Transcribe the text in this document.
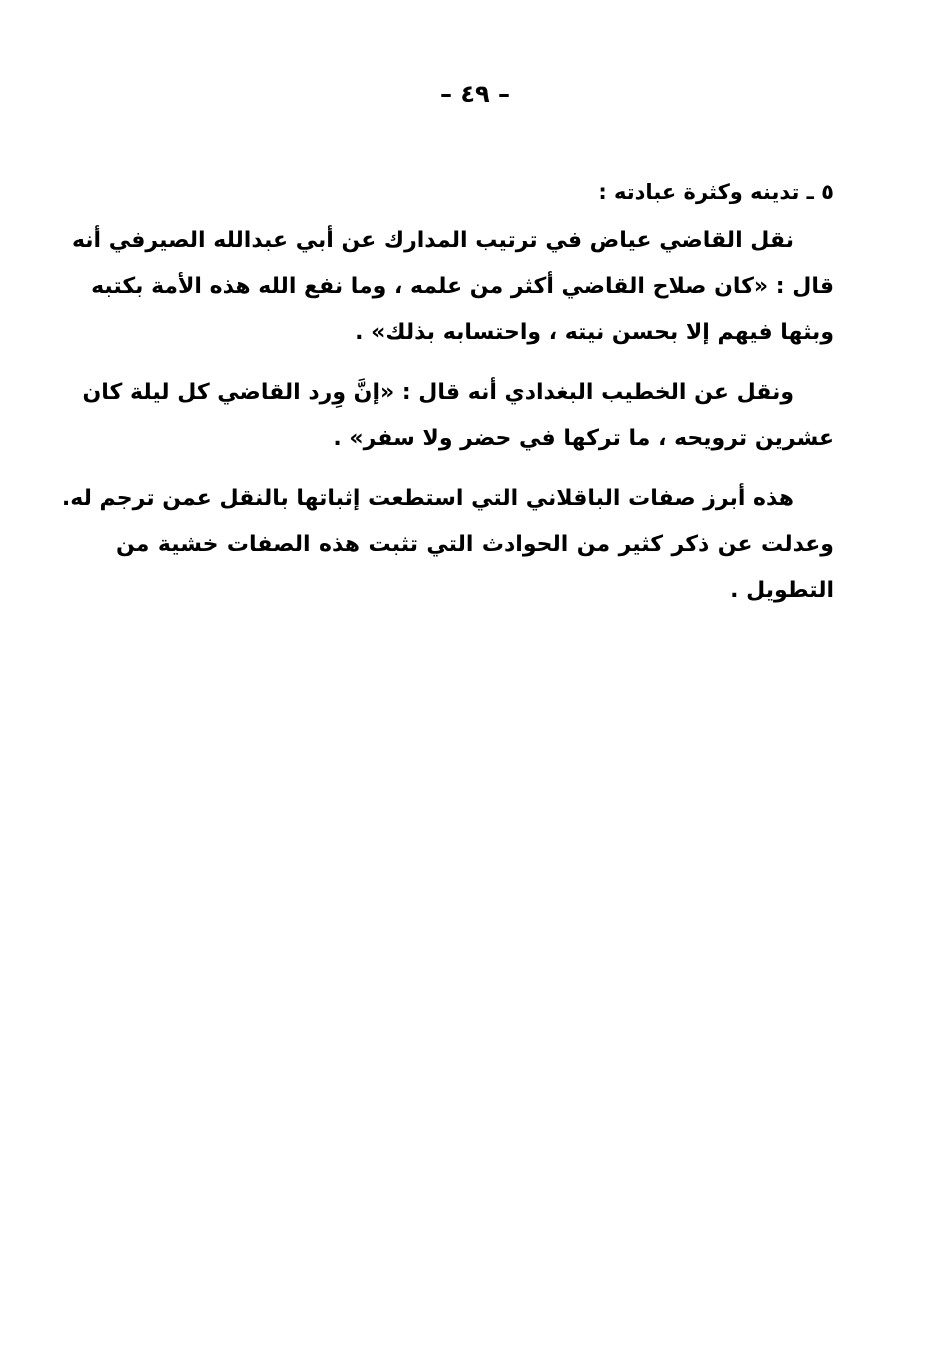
– ٤٩ –
٥ ـ تدينه وكثرة عبادته :
نقل القاضي عياض في ترتيب المدارك عن أبي عبدالله الصيرفي أنه
قال : «كان صلاح القاضي أكثر من علمه ، وما نفع الله هذه الأمة بكتبه
وبثها فيهم إلا بحسن نيته ، واحتسابه بذلك» .
ونقل عن الخطيب البغدادي أنه قال : «إنَّ وِرد القاضي كل ليلة كان
عشرين ترويحه ، ما تركها في حضر ولا سفر» .
هذه أبرز صفات الباقلاني التي استطعت إثباتها بالنقل عمن ترجم له.
وعدلت عن ذكر كثير من الحوادث التي تثبت هذه الصفات خشية من
التطويل .
